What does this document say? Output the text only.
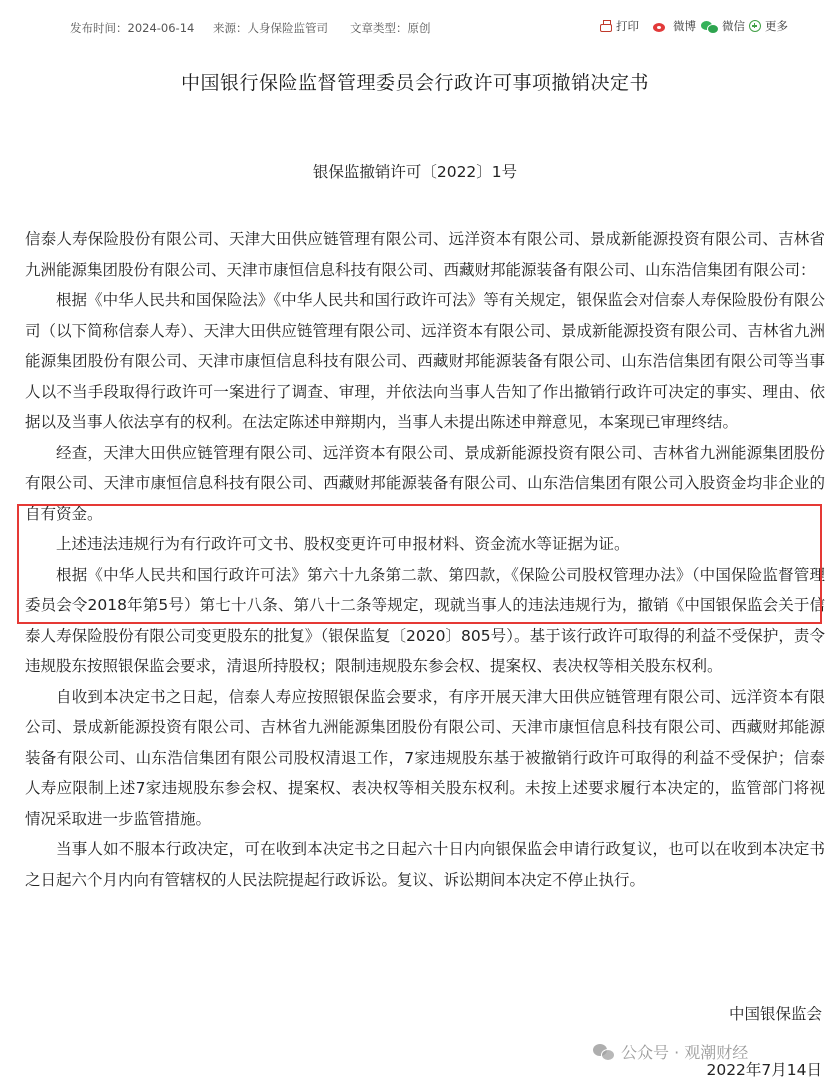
发布时间：2024-06-14 来源：人身保险监管司 文章类型：原创	打印	微博 微信 更多
中国银行保险监督管理委员会行政许可事项撤销决定书
银保监撤销许可〔2022〕1号

信泰人寿保险股份有限公司、天津大田供应链管理有限公司、远洋资本有限公司、景成新能源投资有限公司、吉林省九洲能源集团股份有限公司、天津市康恒信息科技有限公司、西藏财邦能源装备有限公司、山东浩信集团有限公司：

根据《中华人民共和国保险法》《中华人民共和国行政许可法》等有关规定，银保监会对信泰人寿保险股份有限公司（以下简称信泰人寿）、天津大田供应链管理有限公司、远洋资本有限公司、景成新能源投资有限公司、吉林省九洲能源集团股份有限公司、天津市康恒信息科技有限公司、西藏财邦能源装备有限公司、山东浩信集团有限公司等当事人以不当手段取得行政许可一案进行了调查、审理，并依法向当事人告知了作出撤销行政许可决定的事实、理由、依据以及当事人依法享有的权利。在法定陈述申辩期内，当事人未提出陈述申辩意见，本案现已审理终结。

经查，天津大田供应链管理有限公司、远洋资本有限公司、景成新能源投资有限公司、吉林省九洲能源集团股份有限公司、天津市康恒信息科技有限公司、西藏财邦能源装备有限公司、山东浩信集团有限公司入股资金均非企业的自有资金。

上述违法违规行为有行政许可文书、股权变更许可申报材料、资金流水等证据为证。

根据《中华人民共和国行政许可法》第六十九条第二款、第四款，《保险公司股权管理办法》（中国保险监督管理委员会令2018年第5号）第七十八条、第八十二条等规定，现就当事人的违法违规行为，撤销《中国银保监会关于信泰人寿保险股份有限公司变更股东的批复》（银保监复〔2020〕805号）。基于该行政许可取得的利益不受保护，责令违规股东按照银保监会要求，清退所持股权；限制违规股东参会权、提案权、表决权等相关股东权利。

自收到本决定书之日起，信泰人寿应按照银保监会要求，有序开展天津大田供应链管理有限公司、远洋资本有限公司、景成新能源投资有限公司、吉林省九洲能源集团股份有限公司、天津市康恒信息科技有限公司、西藏财邦能源装备有限公司、山东浩信集团有限公司股权清退工作，7家违规股东基于被撤销行政许可取得的利益不受保护；信泰人寿应限制上述7家违规股东参会权、提案权、表决权等相关股东权利。未按上述要求履行本决定的，监管部门将视情况采取进一步监管措施。

当事人如不服本行政决定，可在收到本决定书之日起六十日内向银保监会申请行政复议，也可以在收到本决定书之日起六个月内向有管辖权的人民法院提起行政诉讼。复议、诉讼期间本决定不停止执行。

中国银保监会
公众号 · 观潮财经
2022年7月14日
